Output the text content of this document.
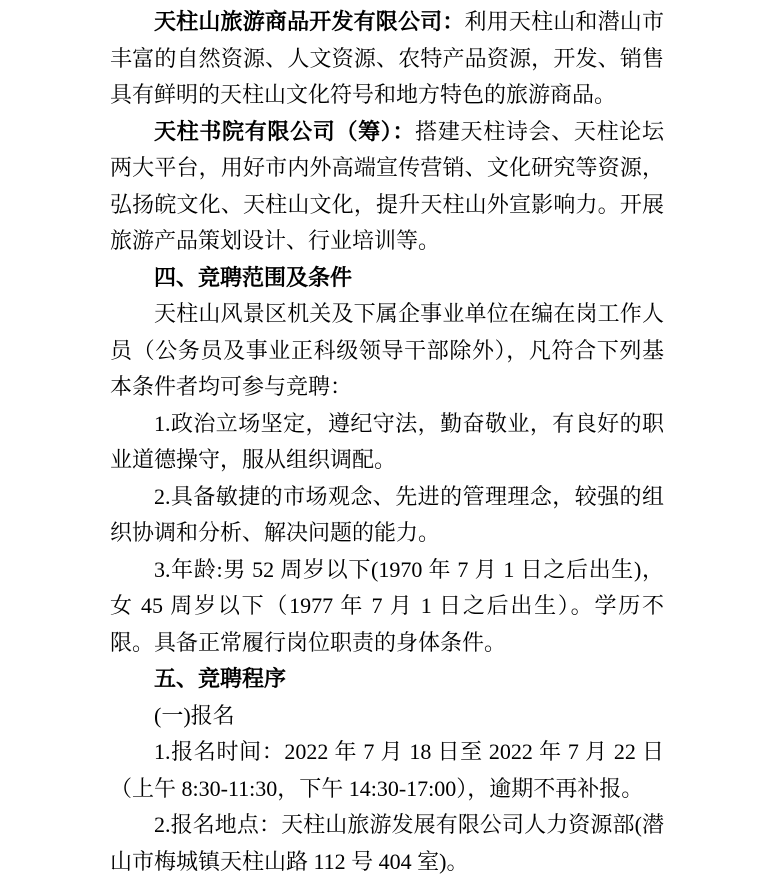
天柱山旅游商品开发有限公司：利用天柱山和潜山市丰富的自然资源、人文资源、农特产品资源，开发、销售具有鲜明的天柱山文化符号和地方特色的旅游商品。

天柱书院有限公司（筹）：搭建天柱诗会、天柱论坛两大平台，用好市内外高端宣传营销、文化研究等资源，弘扬皖文化、天柱山文化，提升天柱山外宣影响力。开展旅游产品策划设计、行业培训等。

四、竞聘范围及条件

天柱山风景区机关及下属企事业单位在编在岗工作人员（公务员及事业正科级领导干部除外），凡符合下列基本条件者均可参与竞聘：

1.政治立场坚定，遵纪守法，勤奋敬业，有良好的职业道德操守，服从组织调配。

2.具备敏捷的市场观念、先进的管理理念，较强的组织协调和分析、解决问题的能力。

3.年龄:男 52 周岁以下(1970 年 7 月 1 日之后出生)，女 45 周岁以下（1977 年 7 月 1 日之后出生）。学历不限。具备正常履行岗位职责的身体条件。

五、竞聘程序

(一)报名

1.报名时间：2022 年 7 月 18 日至 2022 年 7 月 22 日（上午 8:30-11:30，下午 14:30-17:00），逾期不再补报。

2.报名地点：天柱山旅游发展有限公司人力资源部(潜山市梅城镇天柱山路 112 号 404 室)。
